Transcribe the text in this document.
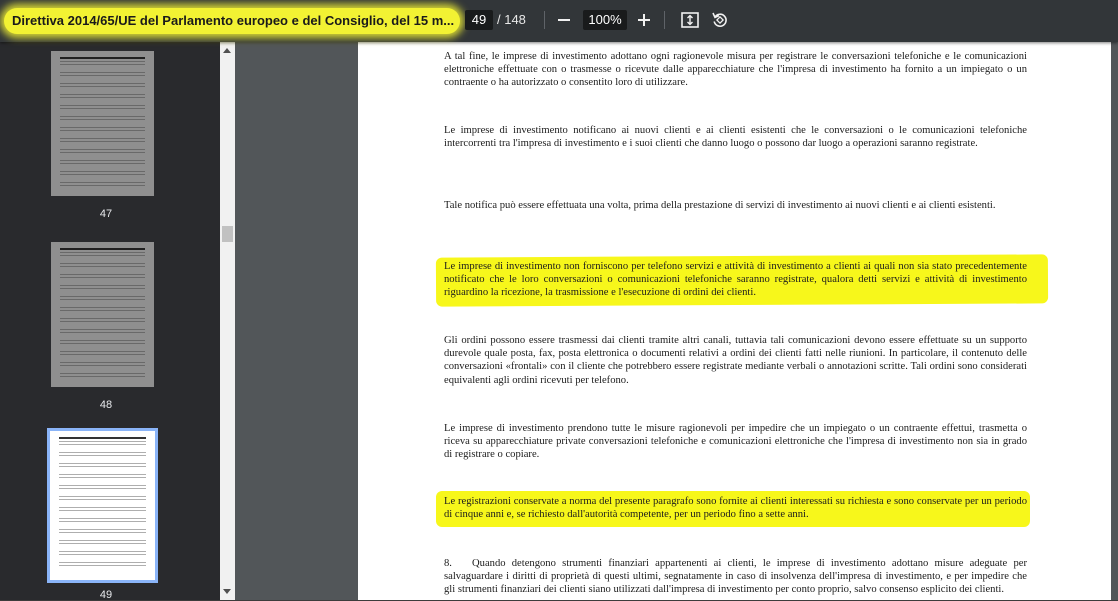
Direttiva 2014/65/UE del Parlamento europeo e del Consiglio, del 15 m...	49 / 148	100%
47
48
49

A tal fine, le imprese di investimento adottano ogni ragionevole misura per registrare le conversazioni telefoniche e le comunicazioni elettroniche effettuate con o trasmesse o ricevute dalle apparecchiature che l'impresa di investimento ha fornito a un impiegato o un contraente o ha autorizzato o consentito loro di utilizzare.

Le imprese di investimento notificano ai nuovi clienti e ai clienti esistenti che le conversazioni o le comunicazioni telefoniche intercorrenti tra l'impresa di investimento e i suoi clienti che danno luogo o possono dar luogo a operazioni saranno registrate.

Tale notifica può essere effettuata una volta, prima della prestazione di servizi di investimento ai nuovi clienti e ai clienti esistenti.

Le imprese di investimento non forniscono per telefono servizi e attività di investimento a clienti ai quali non sia stato precedentemente notificato che le loro conversazioni o comunicazioni telefoniche saranno registrate, qualora detti servizi e attività di investimento riguardino la ricezione, la trasmissione e l'esecuzione di ordini dei clienti.

Gli ordini possono essere trasmessi dai clienti tramite altri canali, tuttavia tali comunicazioni devono essere effettuate su un supporto durevole quale posta, fax, posta elettronica o documenti relativi a ordini dei clienti fatti nelle riunioni. In particolare, il contenuto delle conversazioni «frontali» con il cliente che potrebbero essere registrate mediante verbali o annotazioni scritte. Tali ordini sono considerati equivalenti agli ordini ricevuti per telefono.

Le imprese di investimento prendono tutte le misure ragionevoli per impedire che un impiegato o un contraente effettui, trasmetta o riceva su apparecchiature private conversazioni telefoniche e comunicazioni elettroniche che l'impresa di investimento non sia in grado di registrare o copiare.

Le registrazioni conservate a norma del presente paragrafo sono fornite ai clienti interessati su richiesta e sono conservate per un periodo di cinque anni e, se richiesto dall'autorità competente, per un periodo fino a sette anni.

8. Quando detengono strumenti finanziari appartenenti ai clienti, le imprese di investimento adottano misure adeguate per salvaguardare i diritti di proprietà di questi ultimi, segnatamente in caso di insolvenza dell'impresa di investimento, e per impedire che gli strumenti finanziari dei clienti siano utilizzati dall'impresa di investimento per conto proprio, salvo consenso esplicito dei clienti.
